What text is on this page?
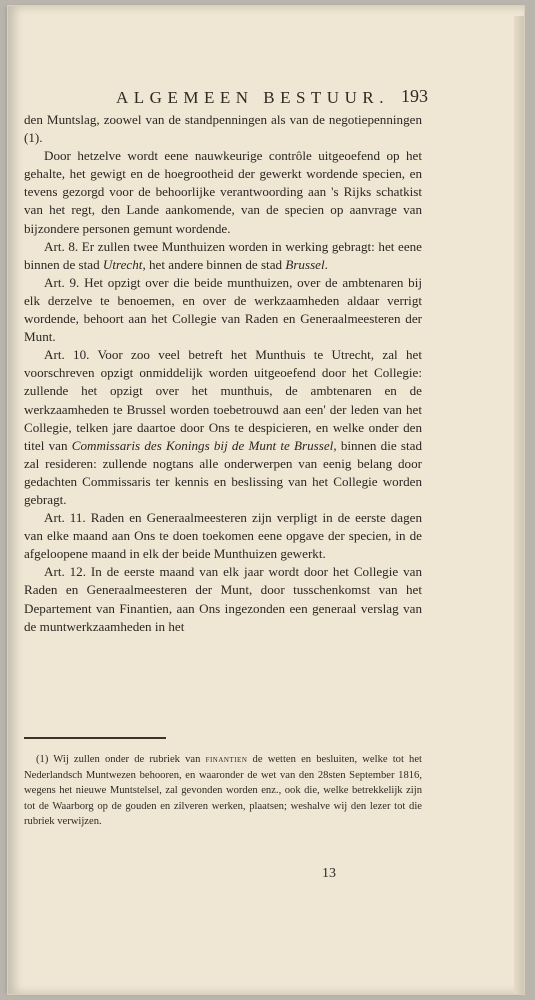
ALGEMEEN BESTUUR. 193

den Muntslag, zoowel van de standpenningen als van de negotiepenningen (1).

Door hetzelve wordt eene nauwkeurige contrôle uitgeoefend op het gehalte, het gewigt en de hoegrootheid der gewerkt wordende specien, en tevens gezorgd voor de behoorlijke verantwoording aan 's Rijks schatkist van het regt, den Lande aankomende, van de specien op aanvrage van bijzondere personen gemunt wordende.

Art. 8. Er zullen twee Munthuizen worden in werking gebragt: het eene binnen de stad Utrecht, het andere binnen de stad Brussel.

Art. 9. Het opzigt over die beide munthuizen, over de ambtenaren bij elk derzelve te benoemen, en over de werkzaamheden aldaar verrigt wordende, behoort aan het Collegie van Raden en Generaalmeesteren der Munt.

Art. 10. Voor zoo veel betreft het Munthuis te Utrecht, zal het voorschreven opzigt onmiddelijk worden uitgeoefend door het Collegie: zullende het opzigt over het munthuis, de ambtenaren en de werkzaamheden te Brussel worden toebetrouwd aan een' der leden van het Collegie, telken jare daartoe door Ons te despicieren, en welke onder den titel van Commissaris des Konings bij de Munt te Brussel, binnen die stad zal resideren: zullende nogtans alle onderwerpen van eenig belang door gedachten Commissaris ter kennis en beslissing van het Collegie worden gebragt.

Art. 11. Raden en Generaalmeesteren zijn verpligt in de eerste dagen van elke maand aan Ons te doen toekomen eene opgave der specien, in de afgeloopene maand in elk der beide Munthuizen gewerkt.

Art. 12. In de eerste maand van elk jaar wordt door het Collegie van Raden en Generaalmeesteren der Munt, door tusschenkomst van het Departement van Finantien, aan Ons ingezonden een generaal verslag van de muntwerkzaamheden in het

(1) Wij zullen onder de rubriek van finantien de wetten en besluiten, welke tot het Nederlandsch Muntwezen behooren, en waaronder de wet van den 28sten September 1816, wegens het nieuwe Muntstelsel, zal gevonden worden enz., ook die, welke betrekkelijk zijn tot de Waarborg op de gouden en zilveren werken, plaatsen; weshalve wij den lezer tot die rubriek verwijzen.

13
